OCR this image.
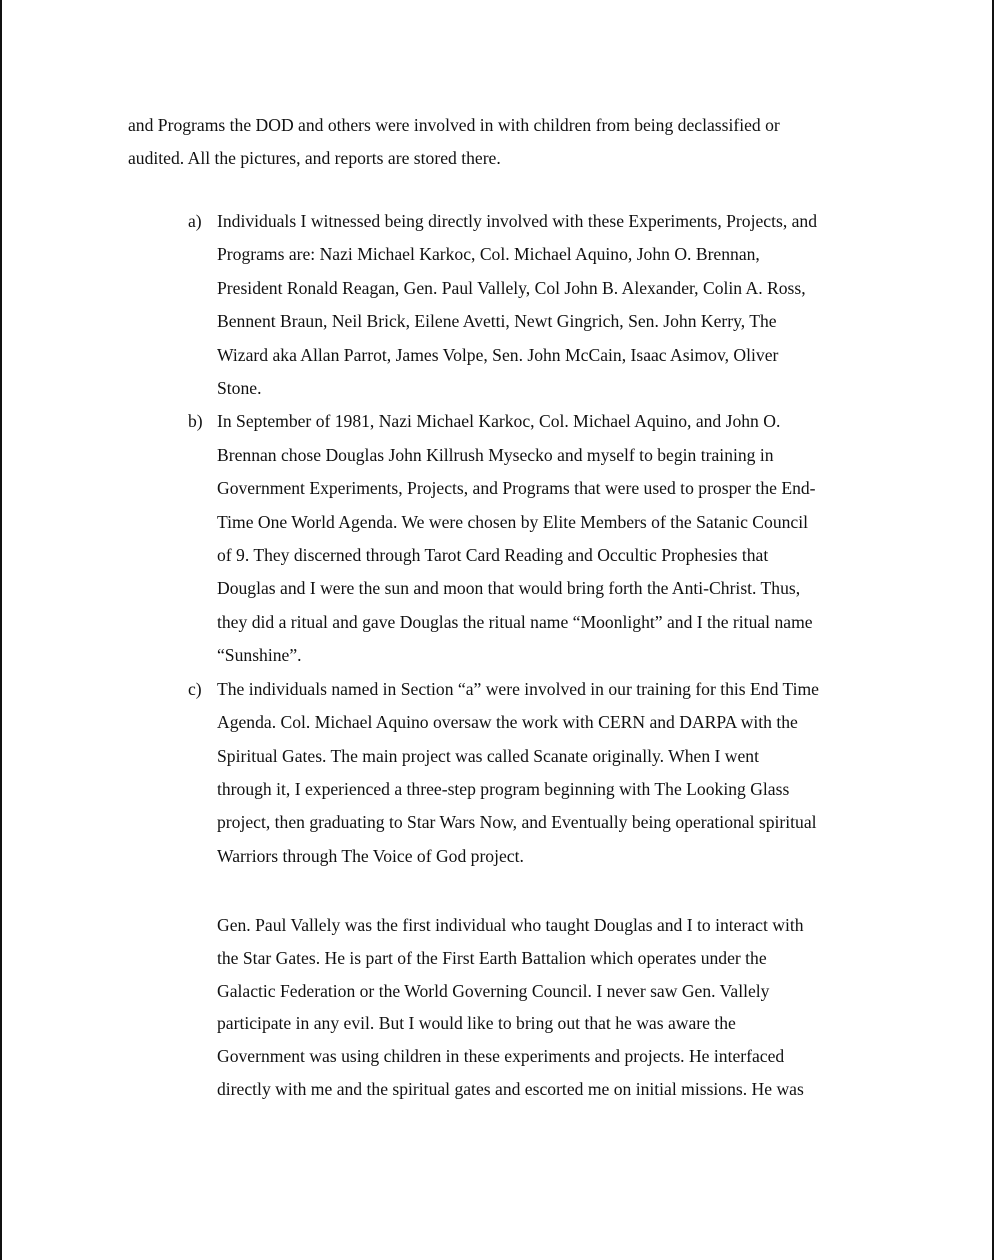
and Programs the DOD and others were involved in with children from being declassified or
audited. All the pictures, and reports are stored there.
a) Individuals I witnessed being directly involved with these Experiments, Projects, and
Programs are: Nazi Michael Karkoc, Col. Michael Aquino, John O. Brennan,
President Ronald Reagan, Gen. Paul Vallely, Col John B. Alexander, Colin A. Ross,
Bennent Braun, Neil Brick, Eilene Avetti, Newt Gingrich, Sen. John Kerry, The
Wizard aka Allan Parrot, James Volpe, Sen. John McCain, Isaac Asimov, Oliver
Stone.
b) In September of 1981, Nazi Michael Karkoc, Col. Michael Aquino, and John O.
Brennan chose Douglas John Killrush Mysecko and myself to begin training in
Government Experiments, Projects, and Programs that were used to prosper the End-
Time One World Agenda. We were chosen by Elite Members of the Satanic Council
of 9. They discerned through Tarot Card Reading and Occultic Prophesies that
Douglas and I were the sun and moon that would bring forth the Anti-Christ. Thus,
they did a ritual and gave Douglas the ritual name “Moonlight” and I the ritual name
“Sunshine”.
c) The individuals named in Section “a” were involved in our training for this End Time
Agenda. Col. Michael Aquino oversaw the work with CERN and DARPA with the
Spiritual Gates. The main project was called Scanate originally. When I went
through it, I experienced a three-step program beginning with The Looking Glass
project, then graduating to Star Wars Now, and Eventually being operational spiritual
Warriors through The Voice of God project.
Gen. Paul Vallely was the first individual who taught Douglas and I to interact with
the Star Gates. He is part of the First Earth Battalion which operates under the
Galactic Federation or the World Governing Council. I never saw Gen. Vallely
participate in any evil. But I would like to bring out that he was aware the
Government was using children in these experiments and projects. He interfaced
directly with me and the spiritual gates and escorted me on initial missions. He was
